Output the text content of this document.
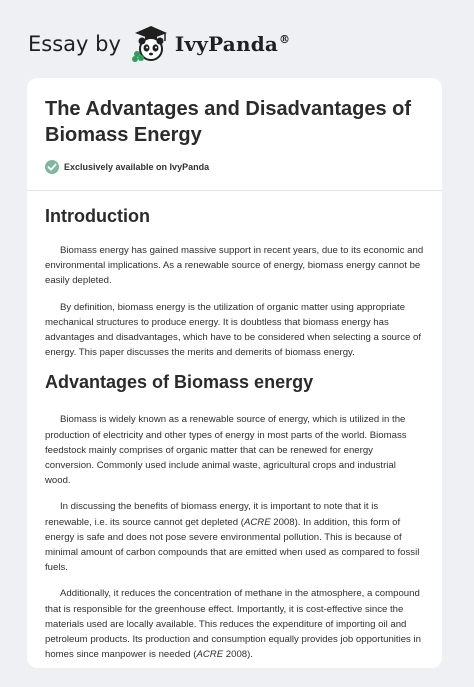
Essay by	IvyPanda®
The Advantages and Disadvantages of Biomass Energy
Exclusively available on IvyPanda
Introduction

Biomass energy has gained massive support in recent years, due to its economic and environmental implications. As a renewable source of energy, biomass energy cannot be easily depleted.

By definition, biomass energy is the utilization of organic matter using appropriate mechanical structures to produce energy. It is doubtless that biomass energy has advantages and disadvantages, which have to be considered when selecting a source of energy. This paper discusses the merits and demerits of biomass energy.

Advantages of Biomass energy

Biomass is widely known as a renewable source of energy, which is utilized in the production of electricity and other types of energy in most parts of the world. Biomass feedstock mainly comprises of organic matter that can be renewed for energy conversion. Commonly used include animal waste, agricultural crops and industrial wood.

In discussing the benefits of biomass energy, it is important to note that it is renewable, i.e. its source cannot get depleted (ACRE 2008). In addition, this form of energy is safe and does not pose severe environmental pollution. This is because of minimal amount of carbon compounds that are emitted when used as compared to fossil fuels.

Additionally, it reduces the concentration of methane in the atmosphere, a compound that is responsible for the greenhouse effect. Importantly, it is cost-effective since the materials used are locally available. This reduces the expenditure of importing oil and petroleum products. Its production and consumption equally provides job opportunities in homes since manpower is needed (ACRE 2008).
